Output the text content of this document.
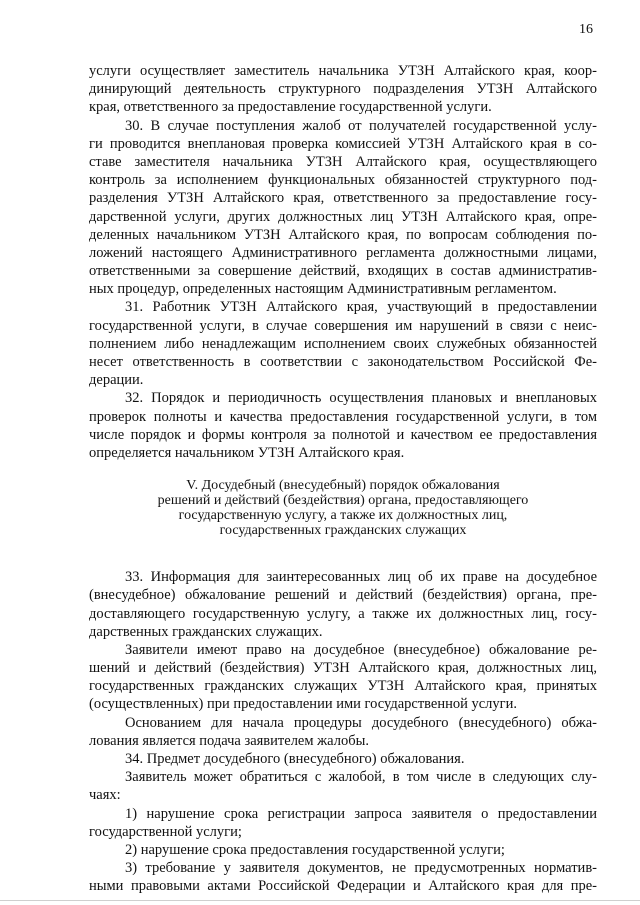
16
услуги осуществляет заместитель начальника УТЗН Алтайского края, коор-
динирующий деятельность структурного подразделения УТЗН Алтайского
края, ответственного за предоставление государственной услуги.
30. В случае поступления жалоб от получателей государственной услу-
ги проводится внеплановая проверка комиссией УТЗН Алтайского края в со-
ставе заместителя начальника УТЗН Алтайского края, осуществляющего
контроль за исполнением функциональных обязанностей структурного под-
разделения УТЗН Алтайского края, ответственного за предоставление госу-
дарственной услуги, других должностных лиц УТЗН Алтайского края, опре-
деленных начальником УТЗН Алтайского края, по вопросам соблюдения по-
ложений настоящего Административного регламента должностными лицами,
ответственными за совершение действий, входящих в состав административ-
ных процедур, определенных настоящим Административным регламентом.
31. Работник УТЗН Алтайского края, участвующий в предоставлении
государственной услуги, в случае совершения им нарушений в связи с неис-
полнением либо ненадлежащим исполнением своих служебных обязанностей
несет ответственность в соответствии с законодательством Российской Фе-
дерации.
32. Порядок и периодичность осуществления плановых и внеплановых
проверок полноты и качества предоставления государственной услуги, в том
числе порядок и формы контроля за полнотой и качеством ее предоставления
определяется начальником УТЗН Алтайского края.
V. Досудебный (внесудебный) порядок обжалования
решений и действий (бездействия) органа, предоставляющего
государственную услугу, а также их должностных лиц,
государственных гражданских служащих
33. Информация для заинтересованных лиц об их праве на досудебное
(внесудебное) обжалование решений и действий (бездействия) органа, пре-
доставляющего государственную услугу, а также их должностных лиц, госу-
дарственных гражданских служащих.
Заявители имеют право на досудебное (внесудебное) обжалование ре-
шений и действий (бездействия) УТЗН Алтайского края, должностных лиц,
государственных гражданских служащих УТЗН Алтайского края, принятых
(осуществленных) при предоставлении ими государственной услуги.
Основанием для начала процедуры досудебного (внесудебного) обжа-
лования является подача заявителем жалобы.
34. Предмет досудебного (внесудебного) обжалования.
Заявитель может обратиться с жалобой, в том числе в следующих слу-
чаях:
1) нарушение срока регистрации запроса заявителя о предоставлении
государственной услуги;
2) нарушение срока предоставления государственной услуги;
3) требование у заявителя документов, не предусмотренных норматив-
ными правовыми актами Российской Федерации и Алтайского края для пре-
